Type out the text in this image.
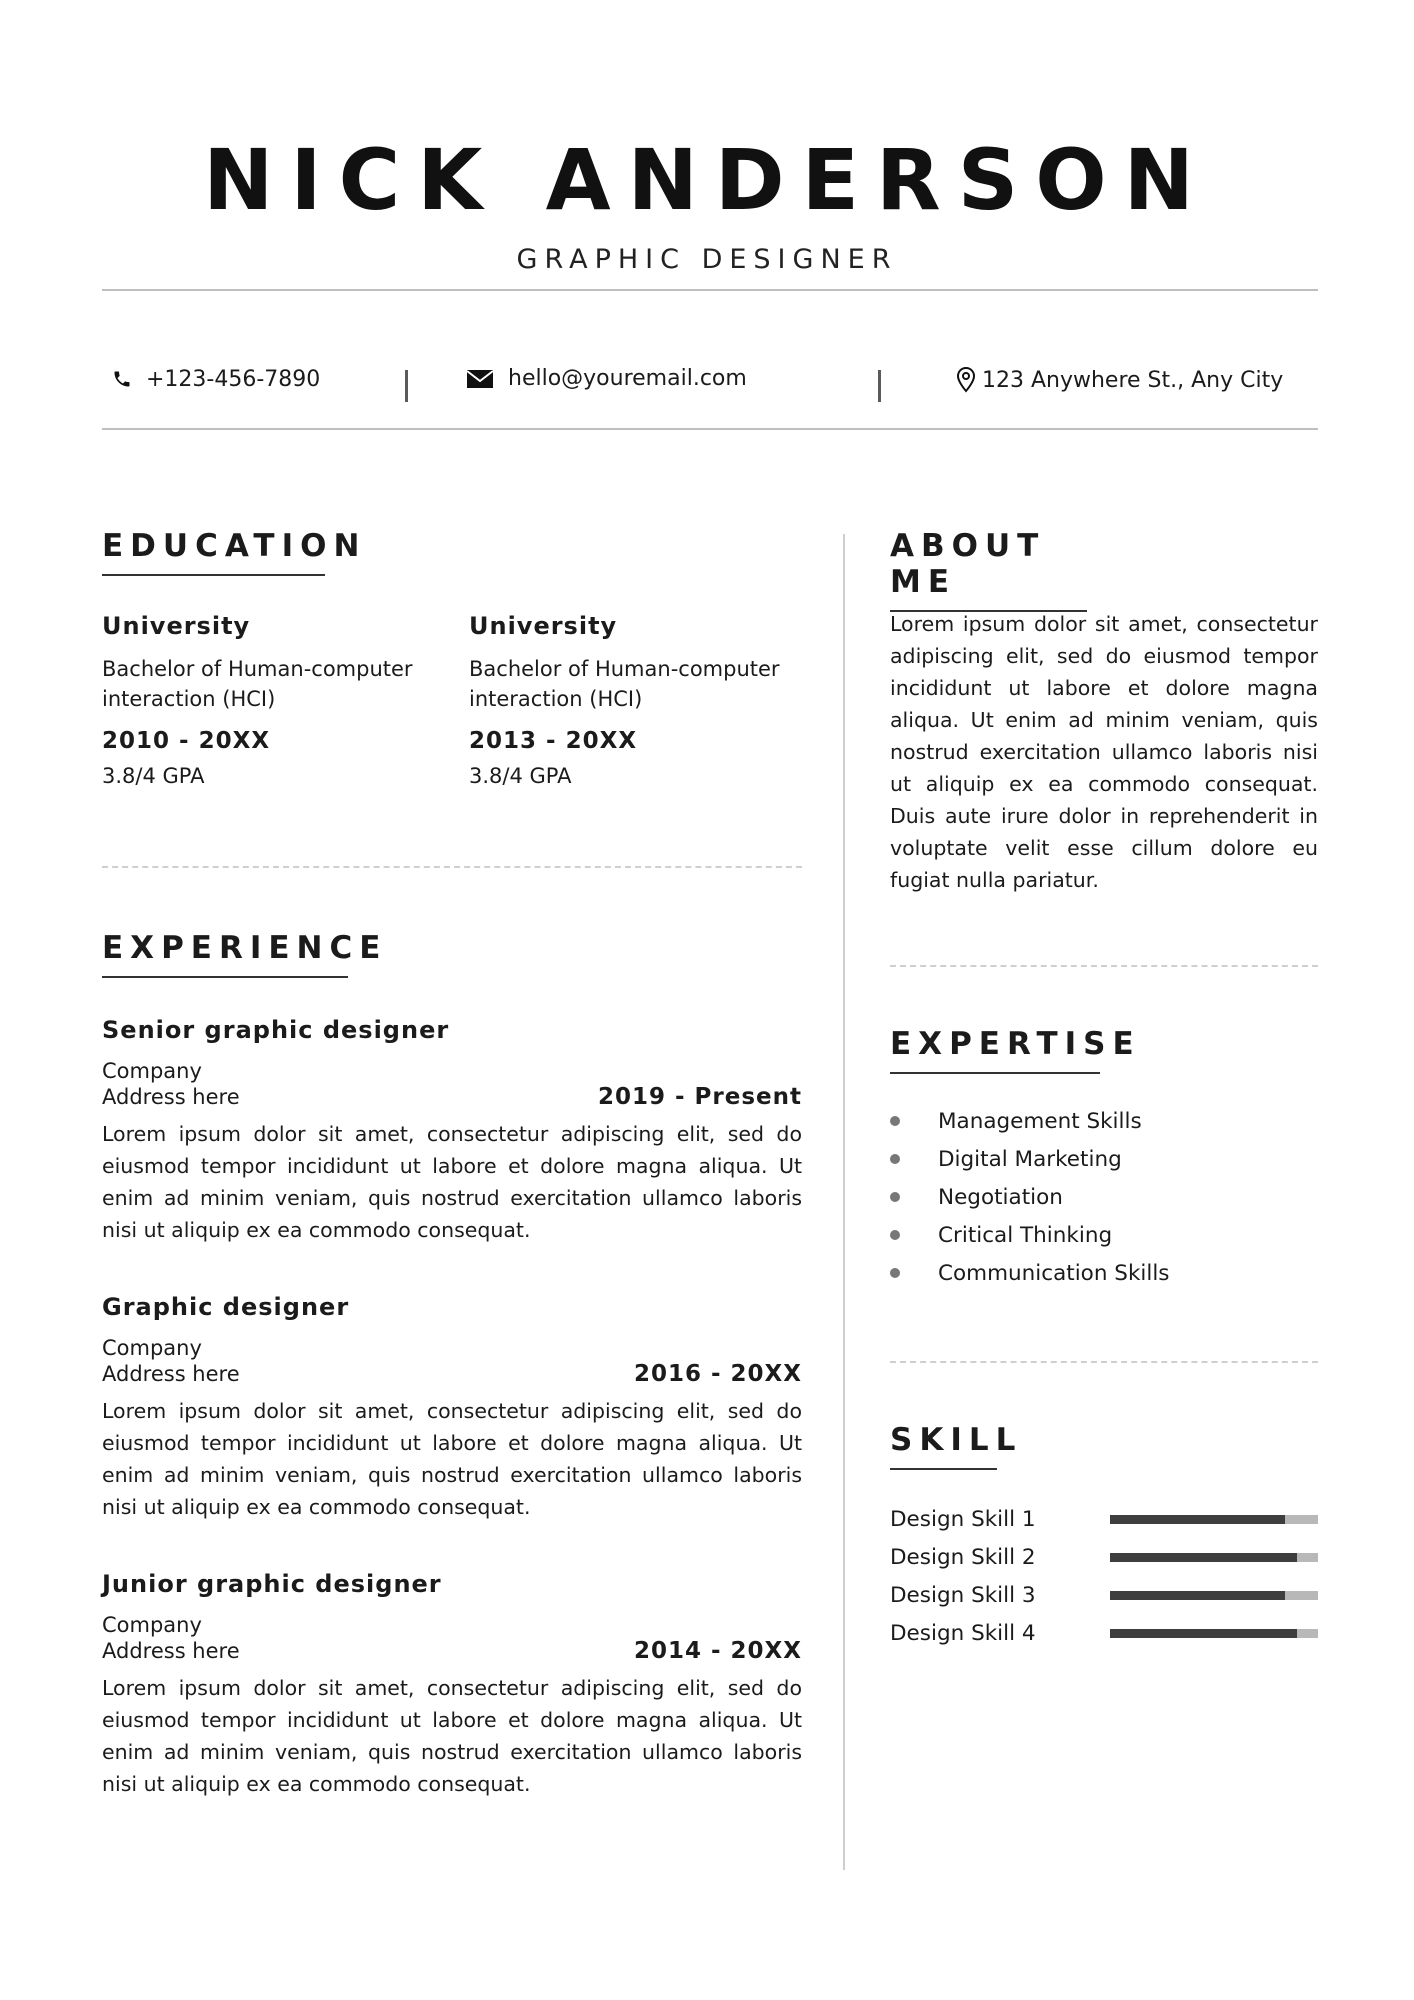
NICK ANDERSON
GRAPHIC DESIGNER
+123-456-7890	hello@youremail.com	123 Anywhere St., Any City
EDUCATION
University
Bachelor of Human-computer interaction (HCI)
2010 - 20XX
3.8/4 GPA
University
Bachelor of Human-computer interaction (HCI)
2013 - 20XX
3.8/4 GPA
EXPERIENCE
Senior graphic designer
Company
Address here	2019 - Present
Lorem ipsum dolor sit amet, consectetur adipiscing elit, sed do eiusmod tempor incididunt ut labore et dolore magna aliqua. Ut enim ad minim veniam, quis nostrud exercitation ullamco laboris nisi ut aliquip ex ea commodo consequat.
Graphic designer
Company
Address here	2016 - 20XX
Lorem ipsum dolor sit amet, consectetur adipiscing elit, sed do eiusmod tempor incididunt ut labore et dolore magna aliqua. Ut enim ad minim veniam, quis nostrud exercitation ullamco laboris nisi ut aliquip ex ea commodo consequat.
Junior graphic designer
Company
Address here	2014 - 20XX
Lorem ipsum dolor sit amet, consectetur adipiscing elit, sed do eiusmod tempor incididunt ut labore et dolore magna aliqua. Ut enim ad minim veniam, quis nostrud exercitation ullamco laboris nisi ut aliquip ex ea commodo consequat.
ABOUT ME

Lorem ipsum dolor sit amet, consectetur adipiscing elit, sed do eiusmod tempor incididunt ut labore et dolore magna aliqua. Ut enim ad minim veniam, quis nostrud exercitation ullamco laboris nisi ut aliquip ex ea commodo consequat. Duis aute irure dolor in reprehenderit in voluptate velit esse cillum dolore eu fugiat nulla pariatur.

EXPERTISE
Management Skills
Digital Marketing
Negotiation
Critical Thinking
Communication Skills
SKILL
Design Skill 1
Design Skill 2
Design Skill 3
Design Skill 4
